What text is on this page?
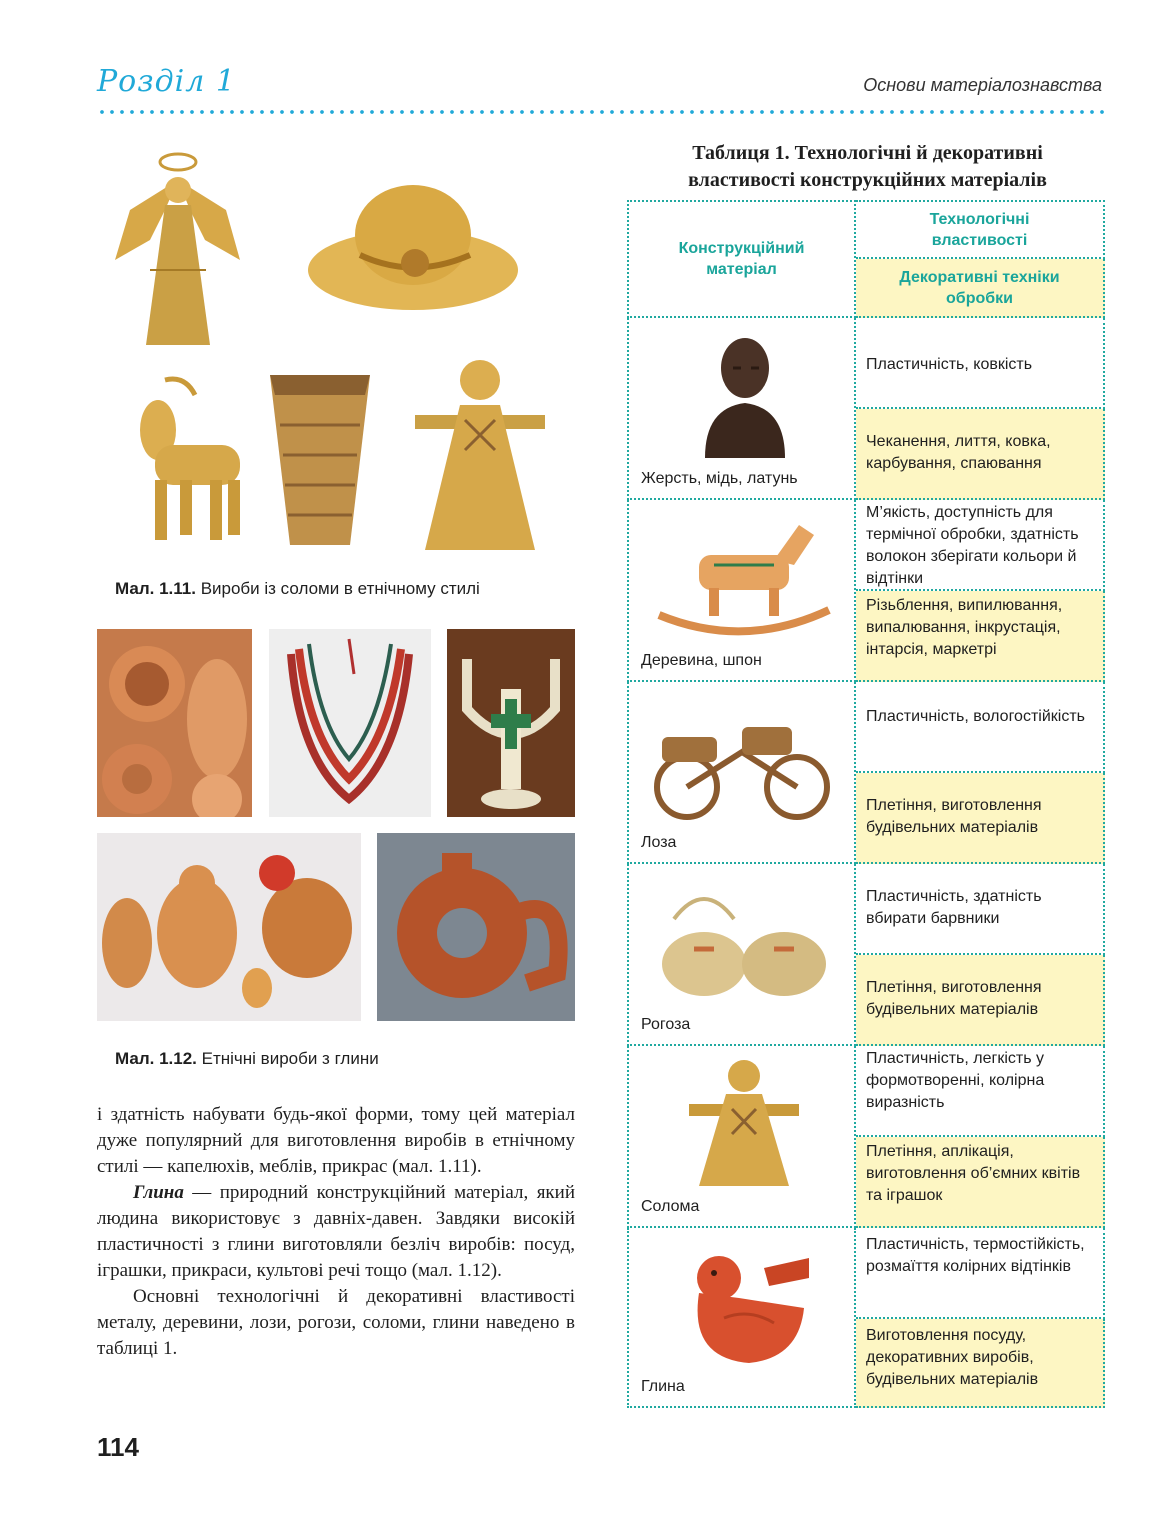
Розділ 1	Основи матеріалознавства
Мал. 1.11. Вироби із соломи в етнічному стилі
Мал. 1.12. Етнічні вироби з глини

і здатність набувати будь-якої форми, тому цей матеріал дуже популярний для виготовлення виробів в етнічному стилі — капелюхів, меблів, прикрас (мал. 1.11).

Глина — природний конструкційний матеріал, який людина використовує з давніх-давен. Завдяки високій пластичності з глини виготовляли безліч виробів: посуд, іграшки, прикраси, культові речі тощо (мал. 1.12).

Основні технологічні й декоративні властивості металу, деревини, лози, рогози, соломи, глини наведено в таблиці 1.

114
Таблиця 1. Технологічні й декоративні
властивості конструкційних матеріалів
Конструкційний матеріал
Технологічні властивості
Декоративні техніки обробки
Жерсть, мідь, латунь
Пластичність, ковкість
Чеканення, лиття, ковка, карбування, спаювання
Деревина, шпон
М’якість, доступність для термічної обробки, здатність волокон зберігати кольори й відтінки
Різьблення, випилювання, випалювання, інкрустація, інтарсія, маркетрі
Лоза
Пластичність, вологостійкість
Плетіння, виготовлення будівельних матеріалів
Рогоза
Пластичність, здатність вбирати барвники
Плетіння, виготовлення будівельних матеріалів
Солома
Пластичність, легкість у формотворенні, колірна виразність
Плетіння, аплікація, виготовлення об’ємних квітів та іграшок
Глина
Пластичність, термостійкість, розмаїття колірних відтінків
Виготовлення посуду, декоративних виробів, будівельних матеріалів
